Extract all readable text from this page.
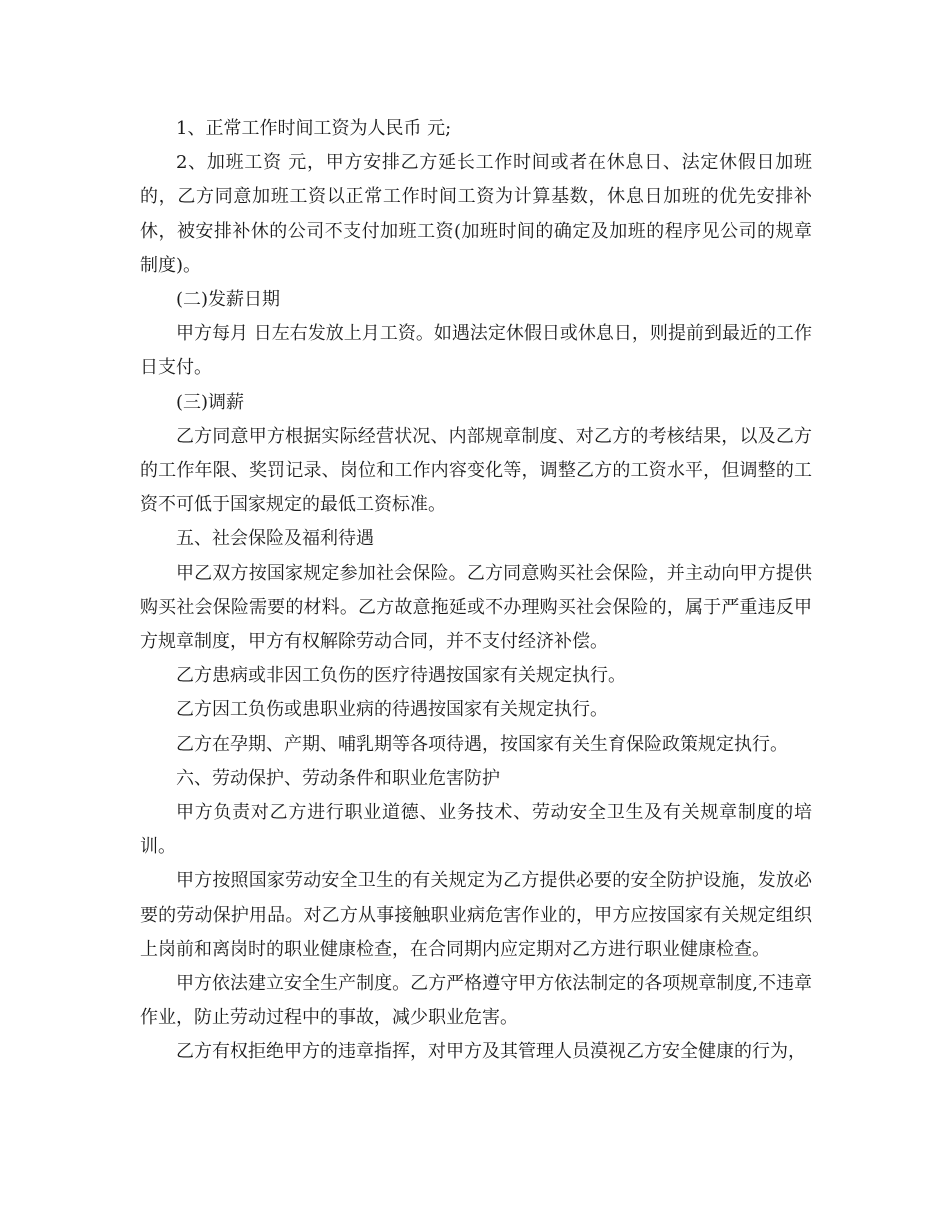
1、正常工作时间工资为人民币 元;

2、加班工资 元，甲方安排乙方延长工作时间或者在休息日、法定休假日加班的，乙方同意加班工资以正常工作时间工资为计算基数，休息日加班的优先安排补休，被安排补休的公司不支付加班工资(加班时间的确定及加班的程序见公司的规章制度)。

(二)发薪日期

甲方每月 日左右发放上月工资。如遇法定休假日或休息日，则提前到最近的工作日支付。

(三)调薪

乙方同意甲方根据实际经营状况、内部规章制度、对乙方的考核结果，以及乙方的工作年限、奖罚记录、岗位和工作内容变化等，调整乙方的工资水平，但调整的工资不可低于国家规定的最低工资标准。

五、社会保险及福利待遇

甲乙双方按国家规定参加社会保险。乙方同意购买社会保险，并主动向甲方提供购买社会保险需要的材料。乙方故意拖延或不办理购买社会保险的，属于严重违反甲方规章制度，甲方有权解除劳动合同，并不支付经济补偿。

乙方患病或非因工负伤的医疗待遇按国家有关规定执行。

乙方因工负伤或患职业病的待遇按国家有关规定执行。

乙方在孕期、产期、哺乳期等各项待遇，按国家有关生育保险政策规定执行。

六、劳动保护、劳动条件和职业危害防护

甲方负责对乙方进行职业道德、业务技术、劳动安全卫生及有关规章制度的培训。

甲方按照国家劳动安全卫生的有关规定为乙方提供必要的安全防护设施，发放必要的劳动保护用品。对乙方从事接触职业病危害作业的，甲方应按国家有关规定组织上岗前和离岗时的职业健康检查，在合同期内应定期对乙方进行职业健康检查。

甲方依法建立安全生产制度。乙方严格遵守甲方依法制定的各项规章制度,不违章作业，防止劳动过程中的事故，减少职业危害。

乙方有权拒绝甲方的违章指挥，对甲方及其管理人员漠视乙方安全健康的行为，
